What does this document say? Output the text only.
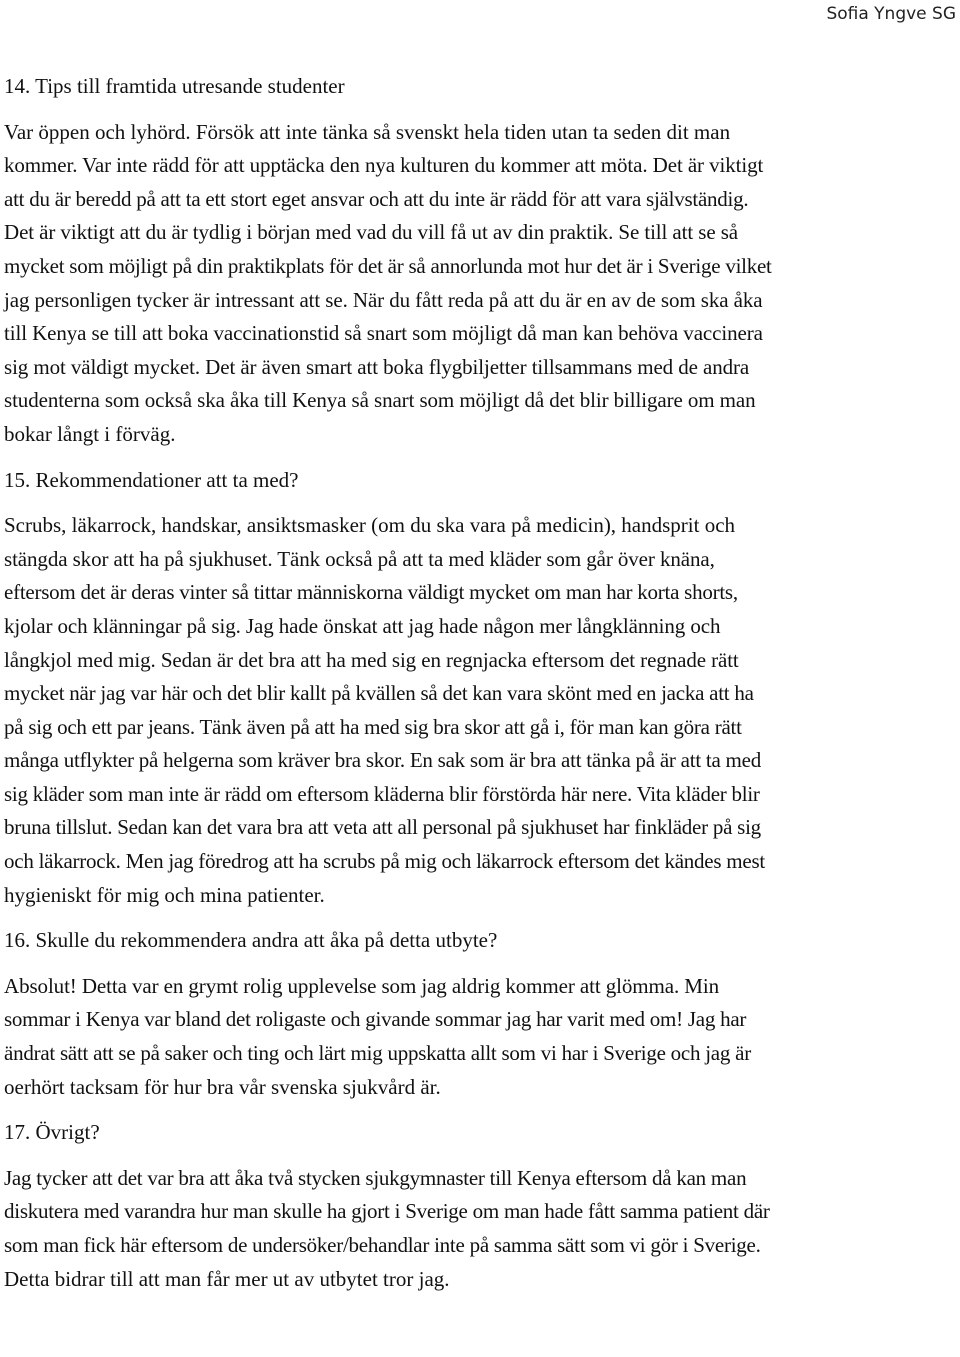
Sofia Yngve SG
14. Tips till framtida utresande studenter
Var öppen och lyhörd. Försök att inte tänka så svenskt hela tiden utan ta seden dit man
kommer. Var inte rädd för att upptäcka den nya kulturen du kommer att möta. Det är viktigt
att du är beredd på att ta ett stort eget ansvar och att du inte är rädd för att vara självständig.
Det är viktigt att du är tydlig i början med vad du vill få ut av din praktik. Se till att se så
mycket som möjligt på din praktikplats för det är så annorlunda mot hur det är i Sverige vilket
jag personligen tycker är intressant att se. När du fått reda på att du är en av de som ska åka
till Kenya se till att boka vaccinationstid så snart som möjligt då man kan behöva vaccinera
sig mot väldigt mycket. Det är även smart att boka flygbiljetter tillsammans med de andra
studenterna som också ska åka till Kenya så snart som möjligt då det blir billigare om man
bokar långt i förväg.
15. Rekommendationer att ta med?
Scrubs, läkarrock, handskar, ansiktsmasker (om du ska vara på medicin), handsprit och
stängda skor att ha på sjukhuset. Tänk också på att ta med kläder som går över knäna,
eftersom det är deras vinter så tittar människorna väldigt mycket om man har korta shorts,
kjolar och klänningar på sig. Jag hade önskat att jag hade någon mer långklänning och
långkjol med mig. Sedan är det bra att ha med sig en regnjacka eftersom det regnade rätt
mycket när jag var här och det blir kallt på kvällen så det kan vara skönt med en jacka att ha
på sig och ett par jeans. Tänk även på att ha med sig bra skor att gå i, för man kan göra rätt
många utflykter på helgerna som kräver bra skor. En sak som är bra att tänka på är att ta med
sig kläder som man inte är rädd om eftersom kläderna blir förstörda här nere. Vita kläder blir
bruna tillslut. Sedan kan det vara bra att veta att all personal på sjukhuset har finkläder på sig
och läkarrock. Men jag föredrog att ha scrubs på mig och läkarrock eftersom det kändes mest
hygieniskt för mig och mina patienter.
16. Skulle du rekommendera andra att åka på detta utbyte?
Absolut! Detta var en grymt rolig upplevelse som jag aldrig kommer att glömma. Min
sommar i Kenya var bland det roligaste och givande sommar jag har varit med om! Jag har
ändrat sätt att se på saker och ting och lärt mig uppskatta allt som vi har i Sverige och jag är
oerhört tacksam för hur bra vår svenska sjukvård är.
17. Övrigt?
Jag tycker att det var bra att åka två stycken sjukgymnaster till Kenya eftersom då kan man
diskutera med varandra hur man skulle ha gjort i Sverige om man hade fått samma patient där
som man fick här eftersom de undersöker/behandlar inte på samma sätt som vi gör i Sverige.
Detta bidrar till att man får mer ut av utbytet tror jag.
